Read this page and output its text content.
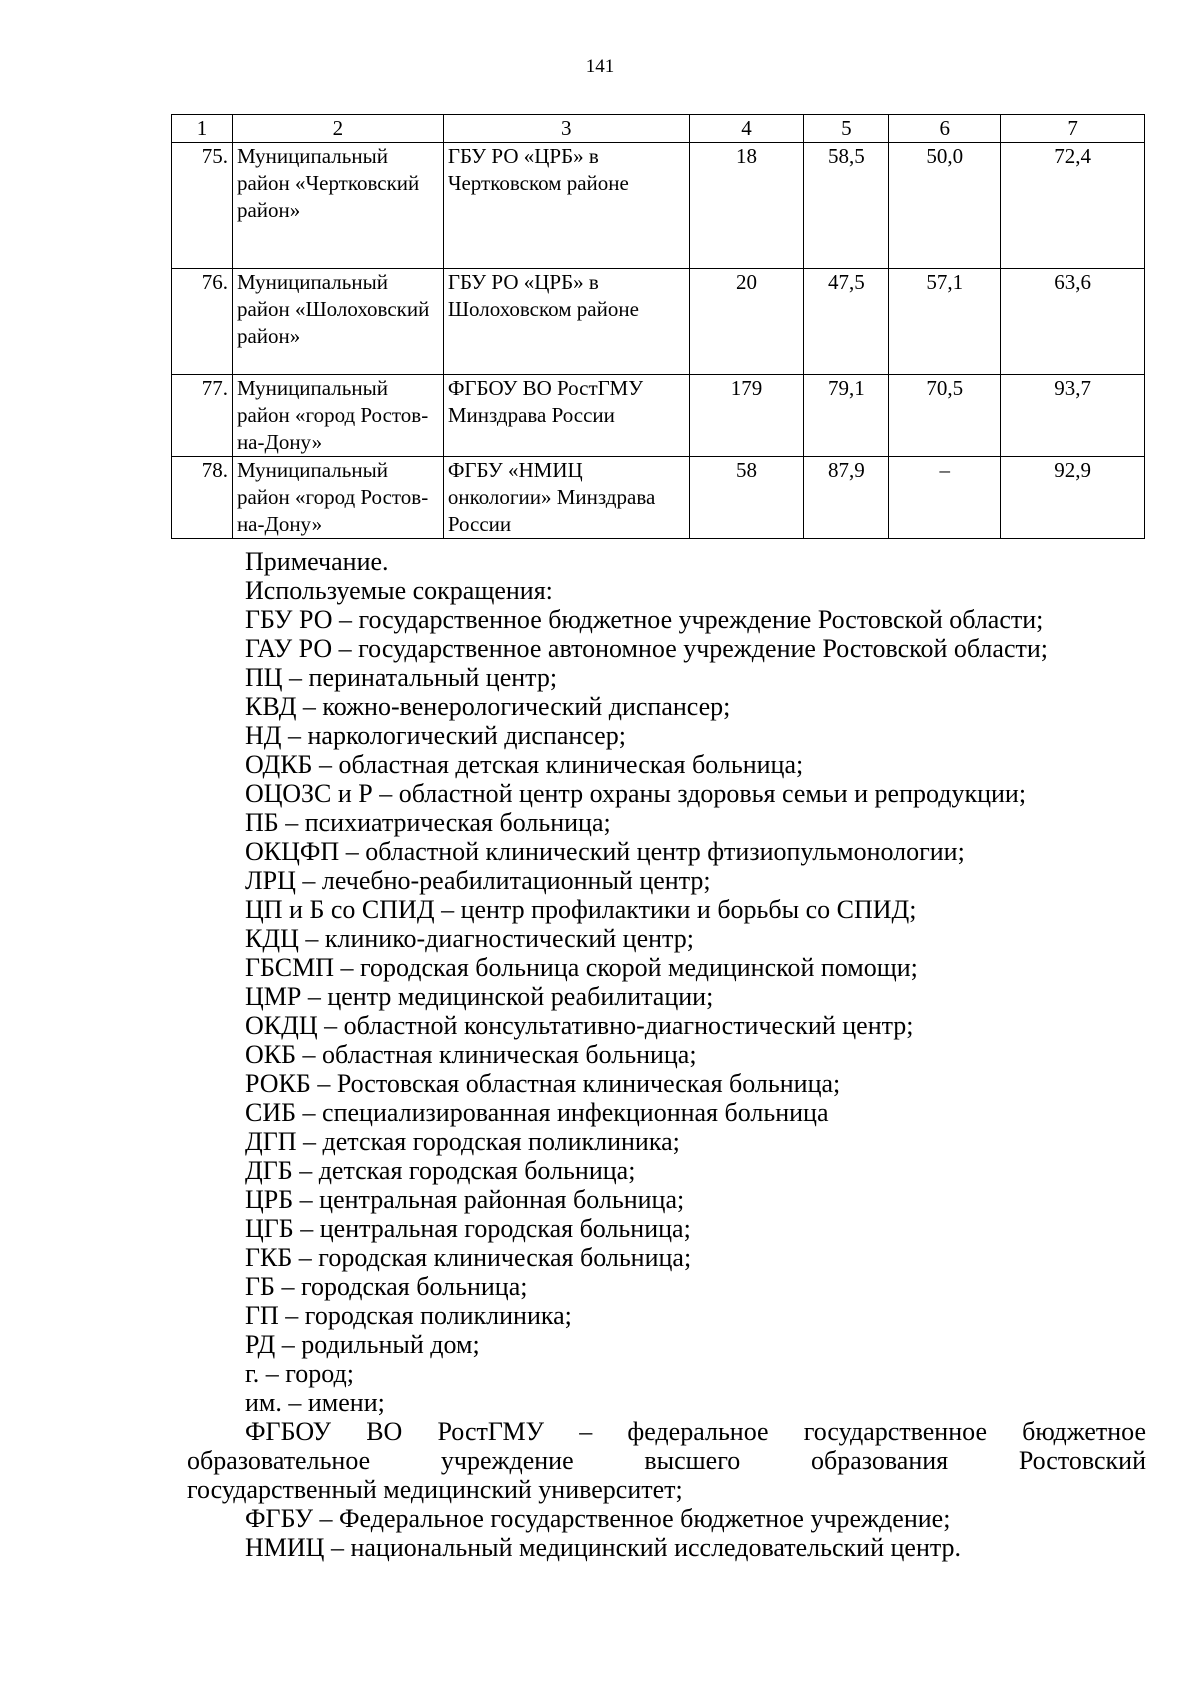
141
1	2	3	4	5	6	7
75.	Муниципальный район «Чертковский район»	ГБУ РО «ЦРБ» в Чертковском районе	18	58,5	50,0	72,4
76.	Муниципальный район «Шолоховский район»	ГБУ РО «ЦРБ» в Шолоховском районе	20	47,5	57,1	63,6
77.	Муниципальный район «город Ростов-на-Дону»	ФГБОУ ВО РостГМУ Минздрава России	179	79,1	70,5	93,7
78.	Муниципальный район «город Ростов-на-Дону»	ФГБУ «НМИЦ онкологии» Минздрава России	58	87,9	–	92,9

Примечание.

Используемые сокращения:

ГБУ РО – государственное бюджетное учреждение Ростовской области;

ГАУ РО – государственное автономное учреждение Ростовской области;

ПЦ – перинатальный центр;

КВД – кожно-венерологический диспансер;

НД – наркологический диспансер;

ОДКБ – областная детская клиническая больница;

ОЦОЗС и Р – областной центр охраны здоровья семьи и репродукции;

ПБ – психиатрическая больница;

ОКЦФП – областной клинический центр фтизиопульмонологии;

ЛРЦ – лечебно-реабилитационный центр;

ЦП и Б со СПИД – центр профилактики и борьбы со СПИД;

КДЦ – клинико-диагностический центр;

ГБСМП – городская больница скорой медицинской помощи;

ЦМР – центр медицинской реабилитации;

ОКДЦ – областной консультативно-диагностический центр;

ОКБ – областная клиническая больница;

РОКБ – Ростовская областная клиническая больница;

СИБ – специализированная инфекционная больница

ДГП – детская городская поликлиника;

ДГБ – детская городская больница;

ЦРБ – центральная районная больница;

ЦГБ – центральная городская больница;

ГКБ – городская клиническая больница;

ГБ – городская больница;

ГП – городская поликлиника;

РД – родильный дом;

г. – город;

им. – имени;

ФГБОУ ВО РостГМУ – федеральное государственное бюджетное

образовательное учреждение высшего образования Ростовский

государственный медицинский университет;

ФГБУ – Федеральное государственное бюджетное учреждение;

НМИЦ – национальный медицинский исследовательский центр.
